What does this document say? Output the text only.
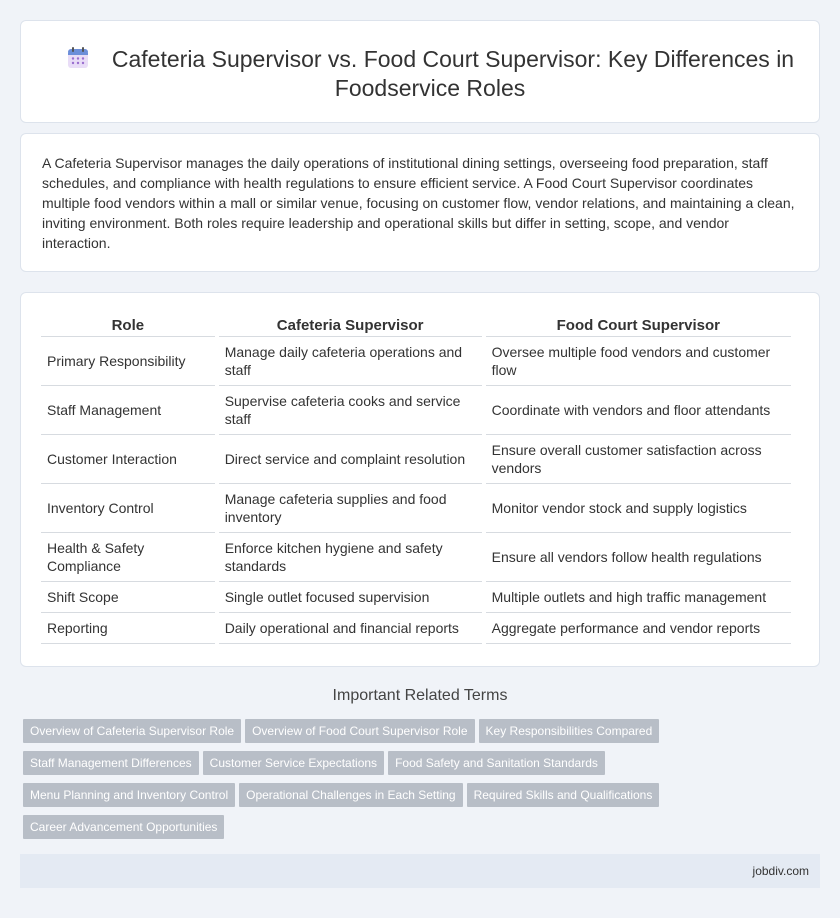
Cafeteria Supervisor vs. Food Court Supervisor: Key Differences in Foodservice Roles

A Cafeteria Supervisor manages the daily operations of institutional dining settings, overseeing food preparation, staff schedules, and compliance with health regulations to ensure efficient service. A Food Court Supervisor coordinates multiple food vendors within a mall or similar venue, focusing on customer flow, vendor relations, and maintaining a clean, inviting environment. Both roles require leadership and operational skills but differ in setting, scope, and vendor interaction.

Role	Cafeteria Supervisor	Food Court Supervisor
Primary Responsibility	Manage daily cafeteria operations and staff	Oversee multiple food vendors and customer flow
Staff Management	Supervise cafeteria cooks and service staff	Coordinate with vendors and floor attendants
Customer Interaction	Direct service and complaint resolution	Ensure overall customer satisfaction across vendors
Inventory Control	Manage cafeteria supplies and food inventory	Monitor vendor stock and supply logistics
Health & Safety Compliance	Enforce kitchen hygiene and safety standards	Ensure all vendors follow health regulations
Shift Scope	Single outlet focused supervision	Multiple outlets and high traffic management
Reporting	Daily operational and financial reports	Aggregate performance and vendor reports
Important Related Terms
Overview of Cafeteria Supervisor Role Overview of Food Court Supervisor Role Key Responsibilities Compared
Staff Management Differences Customer Service Expectations Food Safety and Sanitation Standards
Menu Planning and Inventory Control Operational Challenges in Each Setting Required Skills and Qualifications
Career Advancement Opportunities
jobdiv.com
